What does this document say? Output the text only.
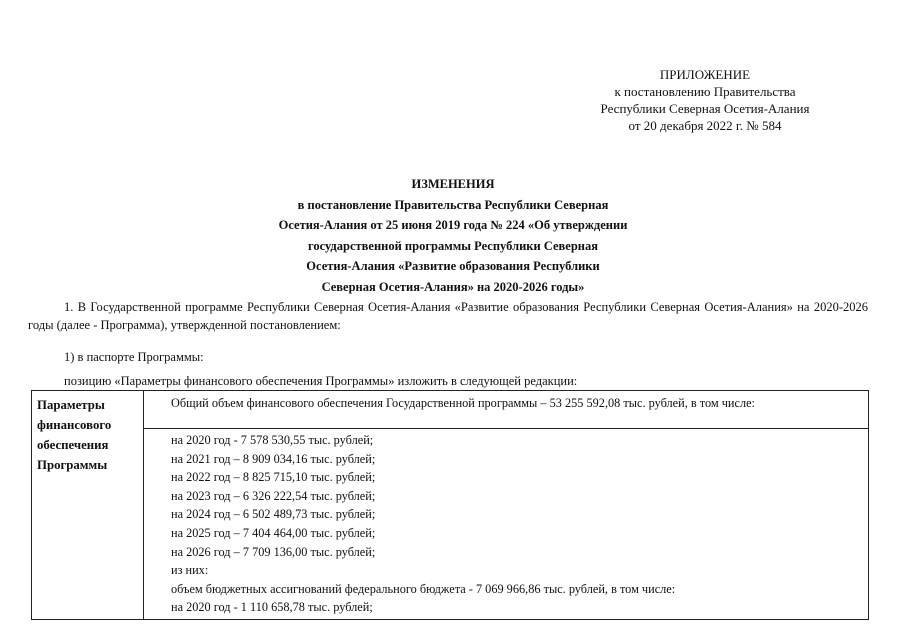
ПРИЛОЖЕНИЕ
к постановлению Правительства
Республики Северная Осетия-Алания
от 20 декабря 2022 г. № 584
ИЗМЕНЕНИЯ
в постановление Правительства Республики Северная
Осетия-Алания от 25 июня 2019 года № 224 «Об утверждении
государственной программы Республики Северная
Осетия-Алания «Развитие образования Республики
Северная Осетия-Алания» на 2020-2026 годы»
1. В Государственной программе Республики Северная Осетия-Алания «Развитие образования Республики Северная Осетия-Алания» на 2020-2026 годы (далее - Программа), утвержденной постановлением:
1) в паспорте Программы:
позицию «Параметры финансового обеспечения Программы» изложить в следующей редакции:
Параметры
финансового
обеспечения
Программы
	Общий объем финансового обеспечения Государственной программы – 53 255 592,08 тыс. рублей, в том числе:

на 2020 год - 7 578 530,55 тыс. рублей;
на 2021 год – 8 909 034,16 тыс. рублей;
на 2022 год – 8 825 715,10 тыс. рублей;
на 2023 год – 6 326 222,54 тыс. рублей;
на 2024 год – 6 502 489,73 тыс. рублей;
на 2025 год – 7 404 464,00 тыс. рублей;
на 2026 год – 7 709 136,00 тыс. рублей;
из них:
объем бюджетных ассигнований федерального бюджета - 7 069 966,86 тыс. рублей, в том числе:
на 2020 год - 1 110 658,78 тыс. рублей;
